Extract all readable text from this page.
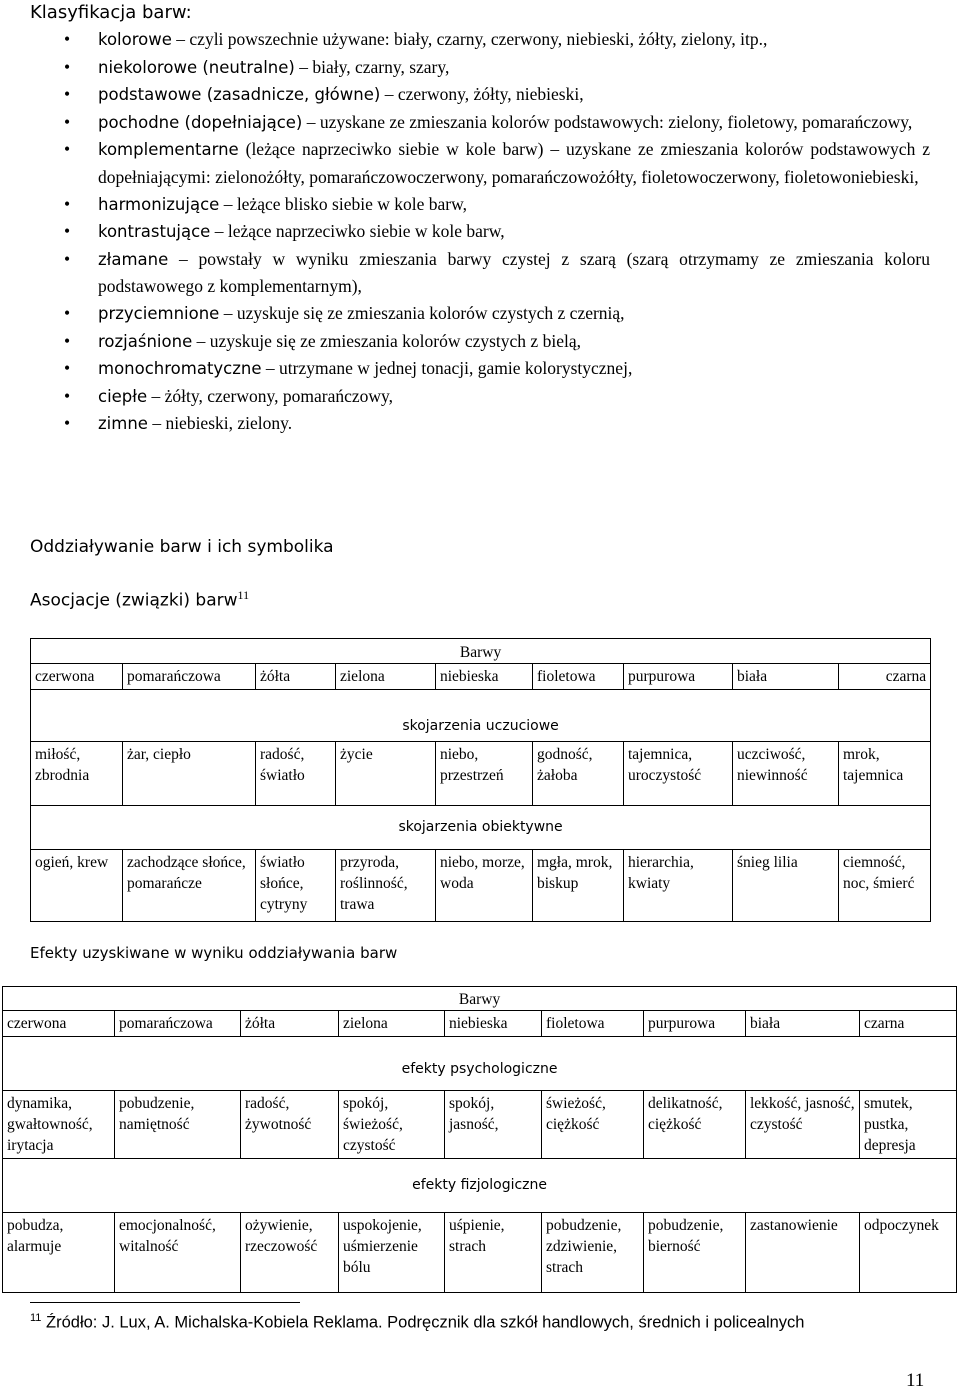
Klasyfikacja barw:
• kolorowe – czyli powszechnie używane: biały, czarny, czerwony, niebieski, żółty, zielony, itp.,
• niekolorowe (neutralne) – biały, czarny, szary,
• podstawowe (zasadnicze, główne) – czerwony, żółty, niebieski,
• pochodne (dopełniające) – uzyskane ze zmieszania kolorów podstawowych: zielony, fioletowy, pomarańczowy,
• komplementarne (leżące naprzeciwko siebie w kole barw) – uzyskane ze zmieszania kolorów podstawowych z dopełniającymi: zielonożółty, pomarańczowoczerwony, pomarańczowożółty, fioletowoczerwony, fioletowoniebieski,
• harmonizujące – leżące blisko siebie w kole barw,
• kontrastujące – leżące naprzeciwko siebie w kole barw,
• złamane – powstały w wyniku zmieszania barwy czystej z szarą (szarą otrzymamy ze zmieszania koloru podstawowego z komplementarnym),
• przyciemnione – uzyskuje się ze zmieszania kolorów czystych z czernią,
• rozjaśnione – uzyskuje się ze zmieszania kolorów czystych z bielą,
• monochromatyczne – utrzymane w jednej tonacji, gamie kolorystycznej,
• ciepłe – żółty, czerwony, pomarańczowy,
• zimne – niebieski, zielony.
Oddziaływanie barw i ich symbolika
Asocjacje (związki) barw$^{11}$
Barwy								
czerwona	pomarańczowa	żółta	zielona	niebieska	fioletowa	purpurowa	biała	czarna
skojarzenia uczuciowe								
miłość, zbrodnia	żar, ciepło	radość, światło	życie	niebo, przestrzeń	godność, żałoba	tajemnica, uroczystość	uczciwość, niewinność	mrok, tajemnica
skojarzenia obiektywne								
ogień, krew	zachodzące słońce, pomarańcze	światło słońce, cytryny	przyroda, roślinność, trawa	niebo, morze, woda	mgła, mrok, biskup	hierarchia, kwiaty	śnieg lilia	ciemność, noc, śmierć
Efekty uzyskiwane w wyniku oddziaływania barw
Barwy								
czerwona	pomarańczowa	żółta	zielona	niebieska	fioletowa	purpurowa	biała	czarna
efekty psychologiczne								
dynamika, gwałtowność, irytacja	pobudzenie, namiętność	radość, żywotność	spokój, świeżość, czystość	spokój, jasność,	świeżość, ciężkość	delikatność, ciężkość	lekkość, jasność, czystość	smutek, pustka, depresja
efekty fizjologiczne								
pobudza, alarmuje	emocjonalność, witalność	ożywienie, rzeczowość	uspokojenie, uśmierzenie bólu	uśpienie, strach	pobudzenie, zdziwienie, strach	pobudzenie, bierność	zastanowienie	odpoczynek
$^{11}$ Źródło: J. Lux, A. Michalska-Kobiela Reklama. Podręcznik dla szkół handlowych, średnich i policealnych
11
